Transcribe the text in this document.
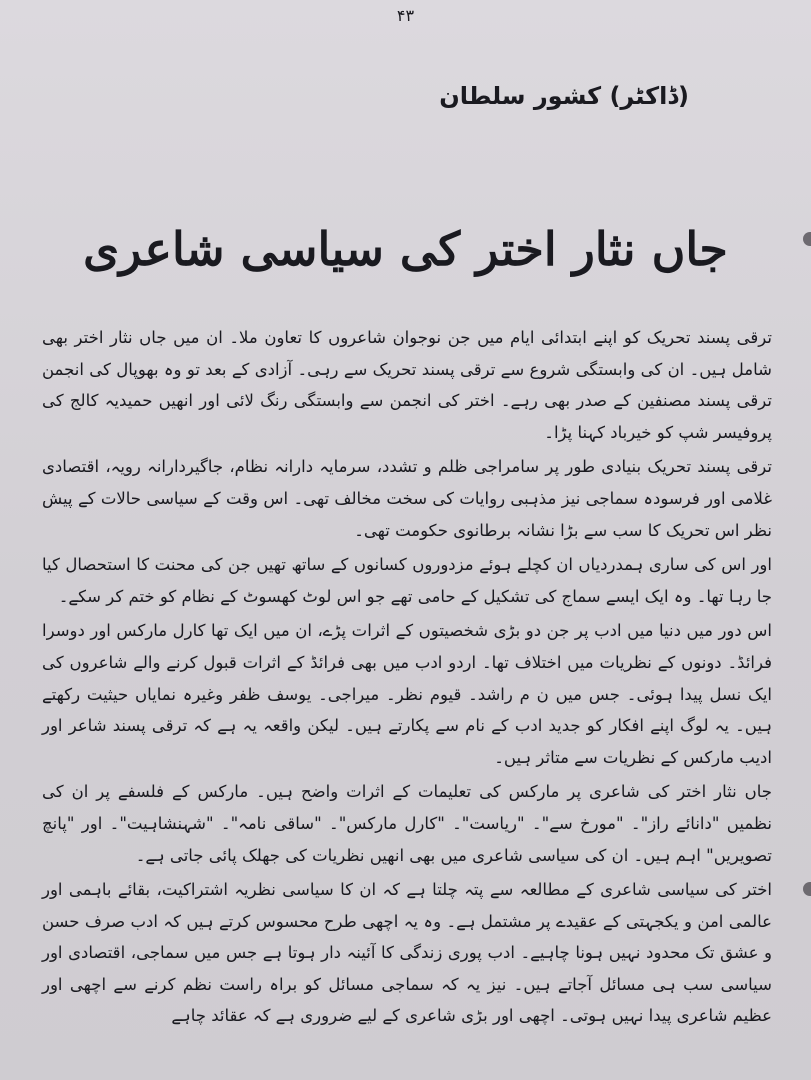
۴۳
(ڈاکٹر) کشور سلطان
جاں نثار اختر کی سیاسی شاعری

ترقی پسند تحریک کو اپنے ابتدائی ایام میں جن نوجوان شاعروں کا تعاون ملا۔ ان میں جاں نثار اختر بھی شامل ہیں۔ ان کی وابستگی شروع سے ترقی پسند تحریک سے رہی۔ آزادی کے بعد تو وہ بھوپال کی انجمن ترقی پسند مصنفین کے صدر بھی رہے۔ اختر کی انجمن سے وابستگی رنگ لائی اور انھیں حمیدیہ کالج کی پروفیسر شپ کو خیرباد کہنا پڑا۔

ترقی پسند تحریک بنیادی طور پر سامراجی ظلم و تشدد، سرمایہ دارانہ نظام، جاگیردارانہ رویہ، اقتصادی غلامی اور فرسودہ سماجی نیز مذہبی روایات کی سخت مخالف تھی۔ اس وقت کے سیاسی حالات کے پیش نظر اس تحریک کا سب سے بڑا نشانہ برطانوی حکومت تھی۔

اور اس کی ساری ہمدردیاں ان کچلے ہوئے مزدوروں کسانوں کے ساتھ تھیں جن کی محنت کا استحصال کیا جا رہا تھا۔ وہ ایک ایسے سماج کی تشکیل کے حامی تھے جو اس لوٹ کھسوٹ کے نظام کو ختم کر سکے۔

اس دور میں دنیا میں ادب پر جن دو بڑی شخصیتوں کے اثرات پڑے، ان میں ایک تھا کارل مارکس اور دوسرا فرائڈ۔ دونوں کے نظریات میں اختلاف تھا۔ اردو ادب میں بھی فرائڈ کے اثرات قبول کرنے والے شاعروں کی ایک نسل پیدا ہوئی۔ جس میں ن م راشد۔ قیوم نظر۔ میراجی۔ یوسف ظفر وغیرہ نمایاں حیثیت رکھتے ہیں۔ یہ لوگ اپنے افکار کو جدید ادب کے نام سے پکارتے ہیں۔ لیکن واقعہ یہ ہے کہ ترقی پسند شاعر اور ادیب مارکس کے نظریات سے متاثر ہیں۔

جاں نثار اختر کی شاعری پر مارکس کی تعلیمات کے اثرات واضح ہیں۔ مارکس کے فلسفے پر ان کی نظمیں "دانائے راز"۔ "مورخ سے"۔ "ریاست"۔ "کارل مارکس"۔ "ساقی نامہ"۔ "شہنشاہیت"۔ اور "پانچ تصویریں" اہم ہیں۔ ان کی سیاسی شاعری میں بھی انھیں نظریات کی جھلک پائی جاتی ہے۔

اختر کی سیاسی شاعری کے مطالعہ سے پتہ چلتا ہے کہ ان کا سیاسی نظریہ اشتراکیت، بقائے باہمی اور عالمی امن و یکجہتی کے عقیدے پر مشتمل ہے۔ وہ یہ اچھی طرح محسوس کرتے ہیں کہ ادب صرف حسن و عشق تک محدود نہیں ہونا چاہیے۔ ادب پوری زندگی کا آئینہ دار ہوتا ہے جس میں سماجی، اقتصادی اور سیاسی سب ہی مسائل آجاتے ہیں۔ نیز یہ کہ سماجی مسائل کو براہ راست نظم کرنے سے اچھی اور عظیم شاعری پیدا نہیں ہوتی۔ اچھی اور بڑی شاعری کے لیے ضروری ہے کہ عقائد چاہے
